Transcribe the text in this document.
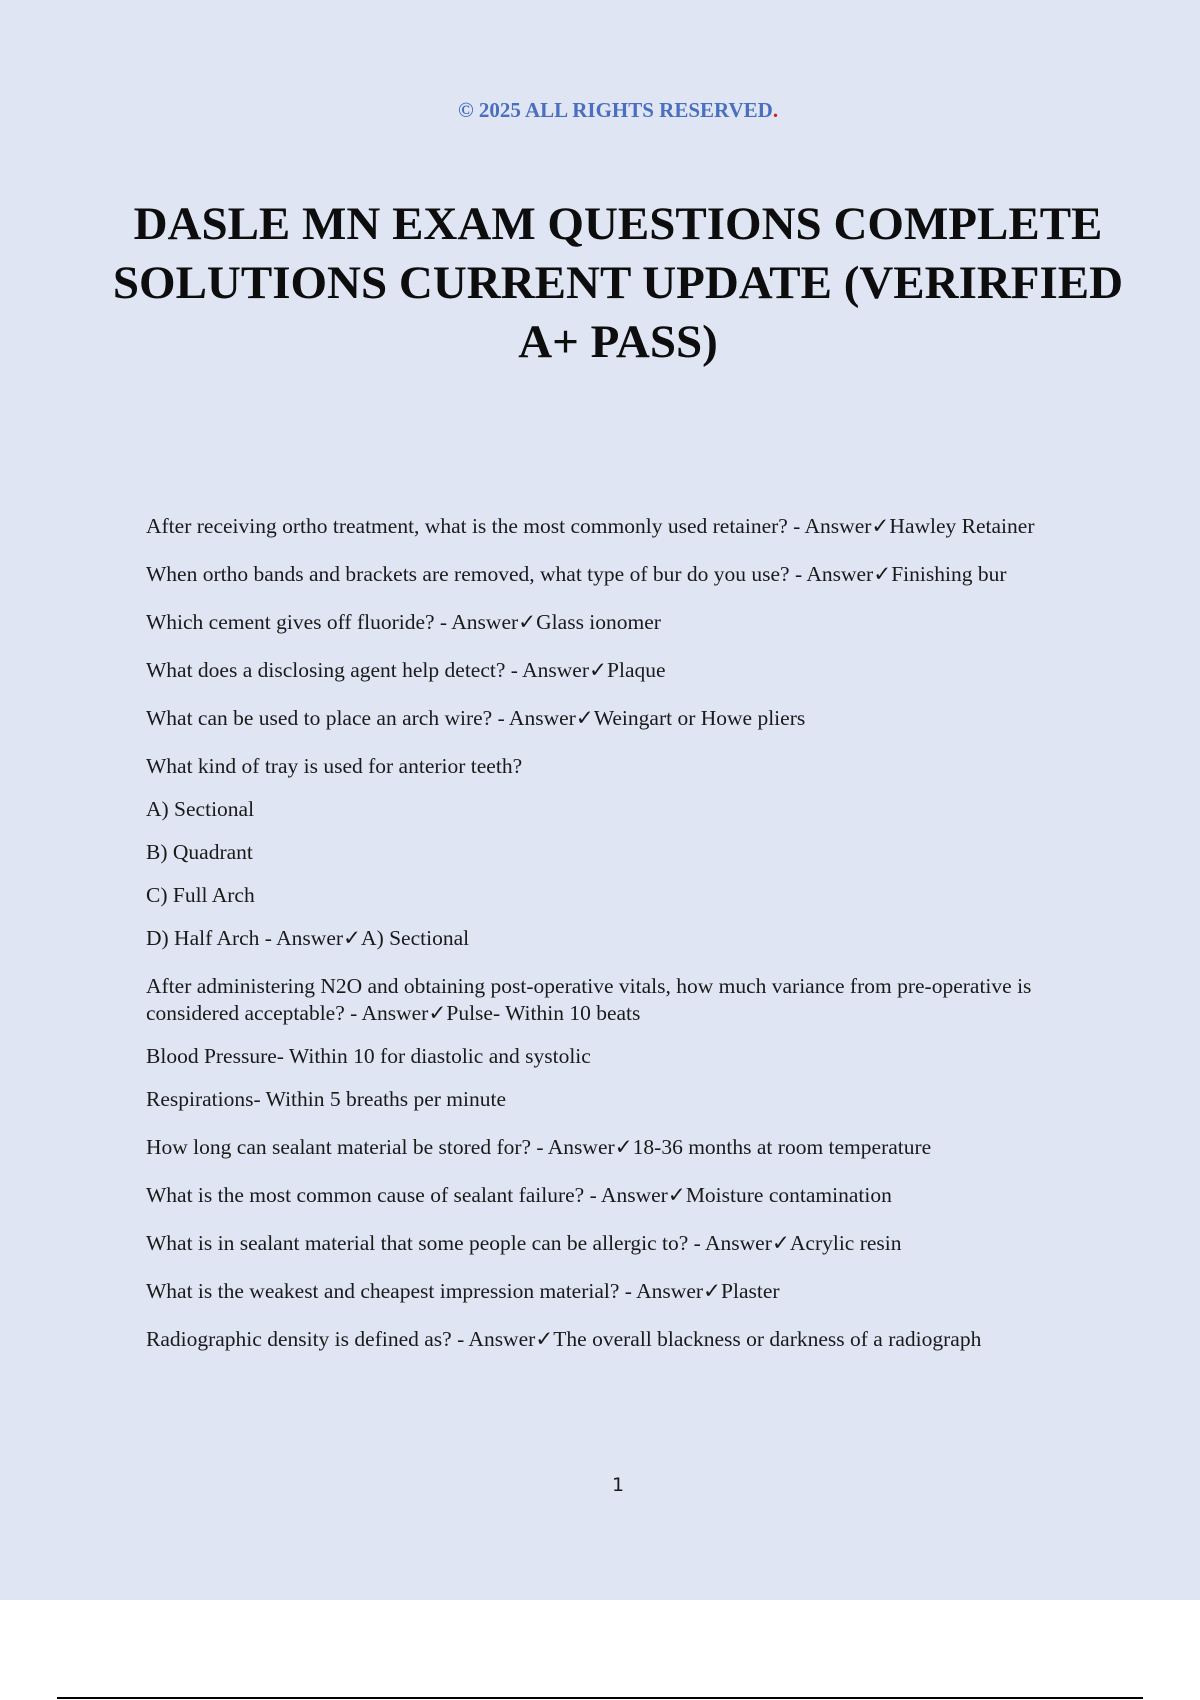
© 2025 ALL RIGHTS RESERVED.
DASLE MN EXAM QUESTIONS COMPLETE SOLUTIONS CURRENT UPDATE (VERIRFIED A+ PASS)
After receiving ortho treatment, what is the most commonly used retainer? - Answer✓Hawley Retainer
When ortho bands and brackets are removed, what type of bur do you use? - Answer✓Finishing bur
Which cement gives off fluoride? - Answer✓Glass ionomer
What does a disclosing agent help detect? - Answer✓Plaque
What can be used to place an arch wire? - Answer✓Weingart or Howe pliers
What kind of tray is used for anterior teeth?
A) Sectional
B) Quadrant
C) Full Arch
D) Half Arch - Answer✓A) Sectional
After administering N2O and obtaining post-operative vitals, how much variance from pre-operative is considered acceptable? - Answer✓Pulse- Within 10 beats
Blood Pressure- Within 10 for diastolic and systolic
Respirations- Within 5 breaths per minute
How long can sealant material be stored for? - Answer✓18-36 months at room temperature
What is the most common cause of sealant failure? - Answer✓Moisture contamination
What is in sealant material that some people can be allergic to? - Answer✓Acrylic resin
What is the weakest and cheapest impression material? - Answer✓Plaster
Radiographic density is defined as? - Answer✓The overall blackness or darkness of a radiograph
1
